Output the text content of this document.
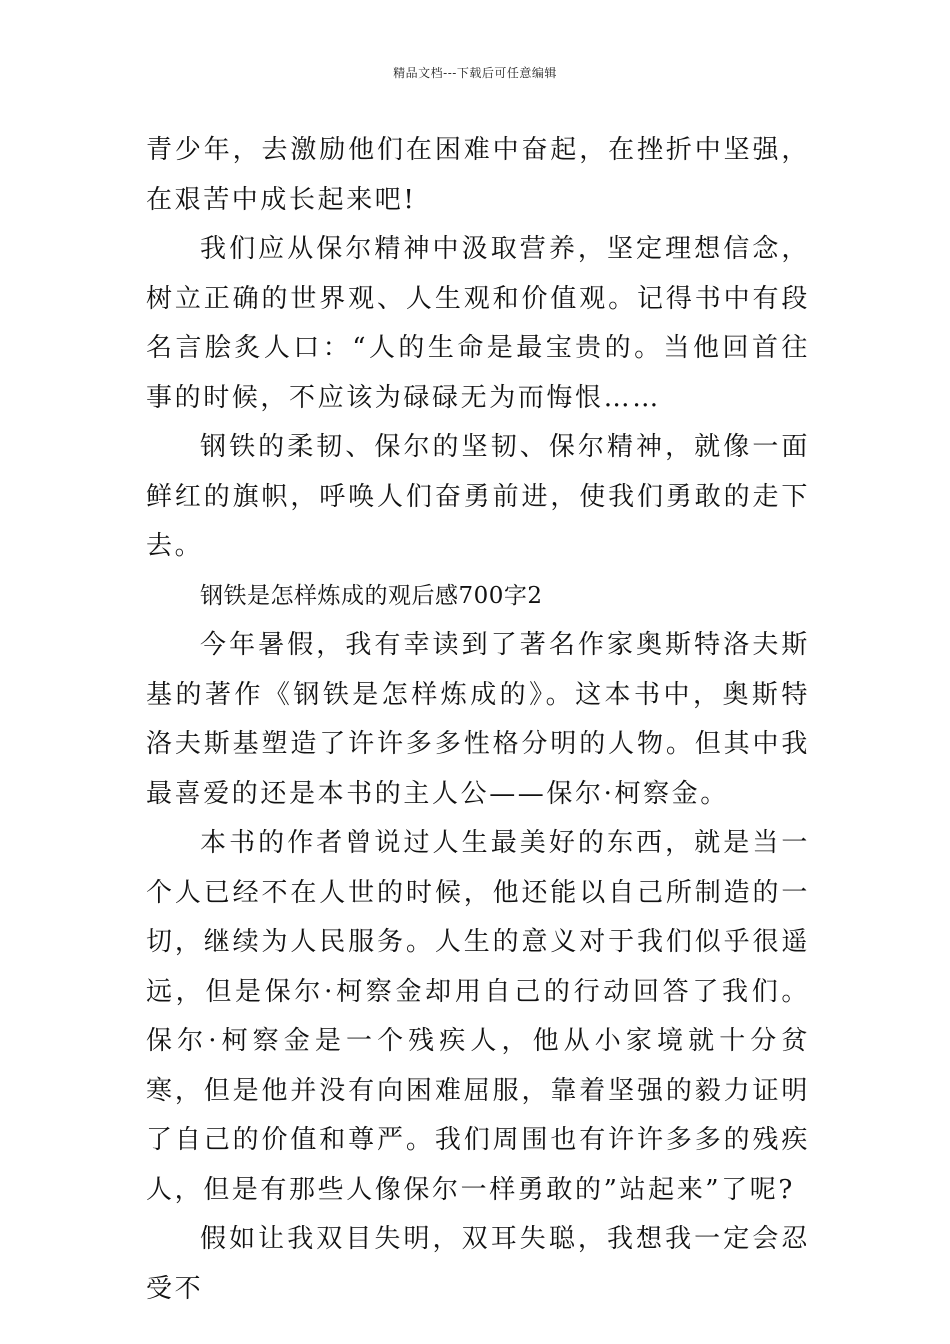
精品文档---下载后可任意编辑

青少年，去激励他们在困难中奋起，在挫折中坚强，在艰苦中成长起来吧!

我们应从保尔精神中汲取营养，坚定理想信念，树立正确的世界观、人生观和价值观。记得书中有段名言脍炙人口：“人的生命是最宝贵的。当他回首往事的时候，不应该为碌碌无为而悔恨……

钢铁的柔韧、保尔的坚韧、保尔精神，就像一面鲜红的旗帜，呼唤人们奋勇前进，使我们勇敢的走下去。

钢铁是怎样炼成的观后感700字2

今年暑假，我有幸读到了著名作家奥斯特洛夫斯基的著作《钢铁是怎样炼成的》。这本书中，奥斯特洛夫斯基塑造了许许多多性格分明的人物。但其中我最喜爱的还是本书的主人公——保尔·柯察金。

本书的作者曾说过人生最美好的东西，就是当一个人已经不在人世的时候，他还能以自己所制造的一切，继续为人民服务。人生的意义对于我们似乎很遥远，但是保尔·柯察金却用自己的行动回答了我们。保尔·柯察金是一个残疾人，他从小家境就十分贫寒，但是他并没有向困难屈服，靠着坚强的毅力证明了自己的价值和尊严。我们周围也有许许多多的残疾人，但是有那些人像保尔一样勇敢的”站起来”了呢?

假如让我双目失明，双耳失聪，我想我一定会忍受不
